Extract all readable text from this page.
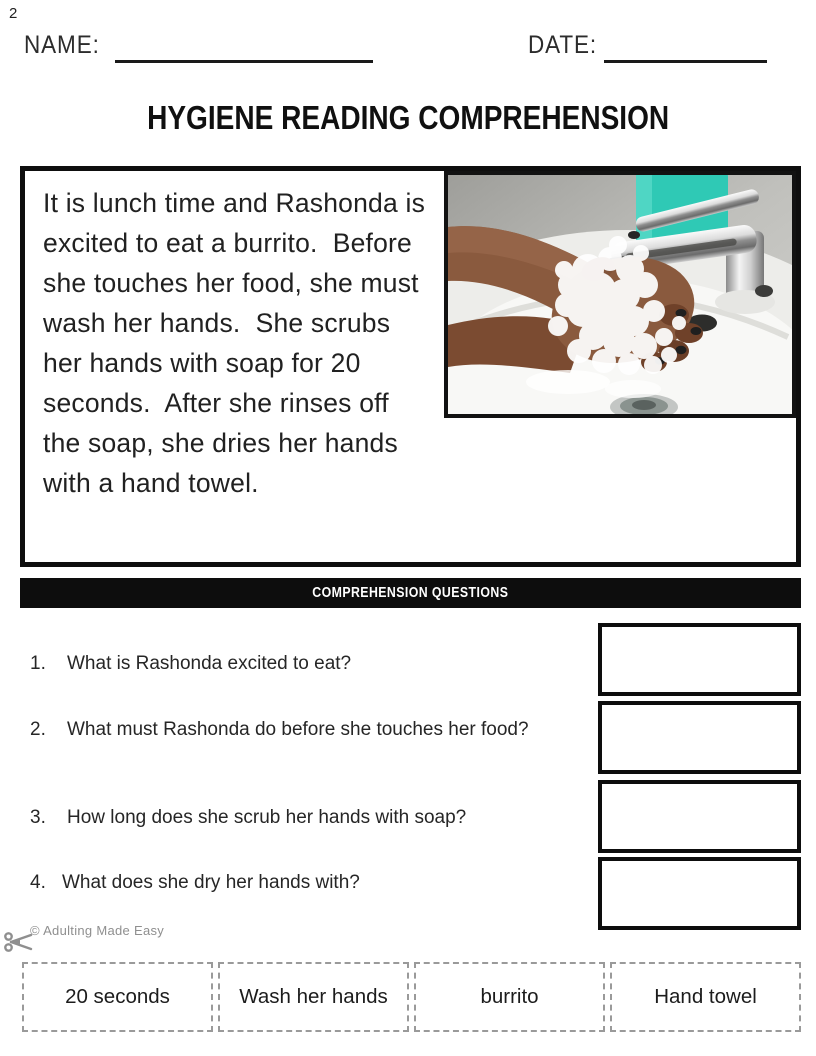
2
NAME:	DATE:
HYGIENE READING COMPREHENSION
It is lunch time and Rashonda is excited to eat a burrito.  Before she touches her food, she must wash her hands.  She scrubs her hands with soap for 20 seconds.  After she rinses off the soap, she dries her hands with a hand towel.
COMPREHENSION QUESTIONS
1.	What is Rashonda excited to eat?
2.	What must Rashonda do before she touches her food?
3.	How long does she scrub her hands with soap?
4. What does she dry her hands with?
© Adulting Made Easy
20 seconds	Wash her hands	burrito	Hand towel
